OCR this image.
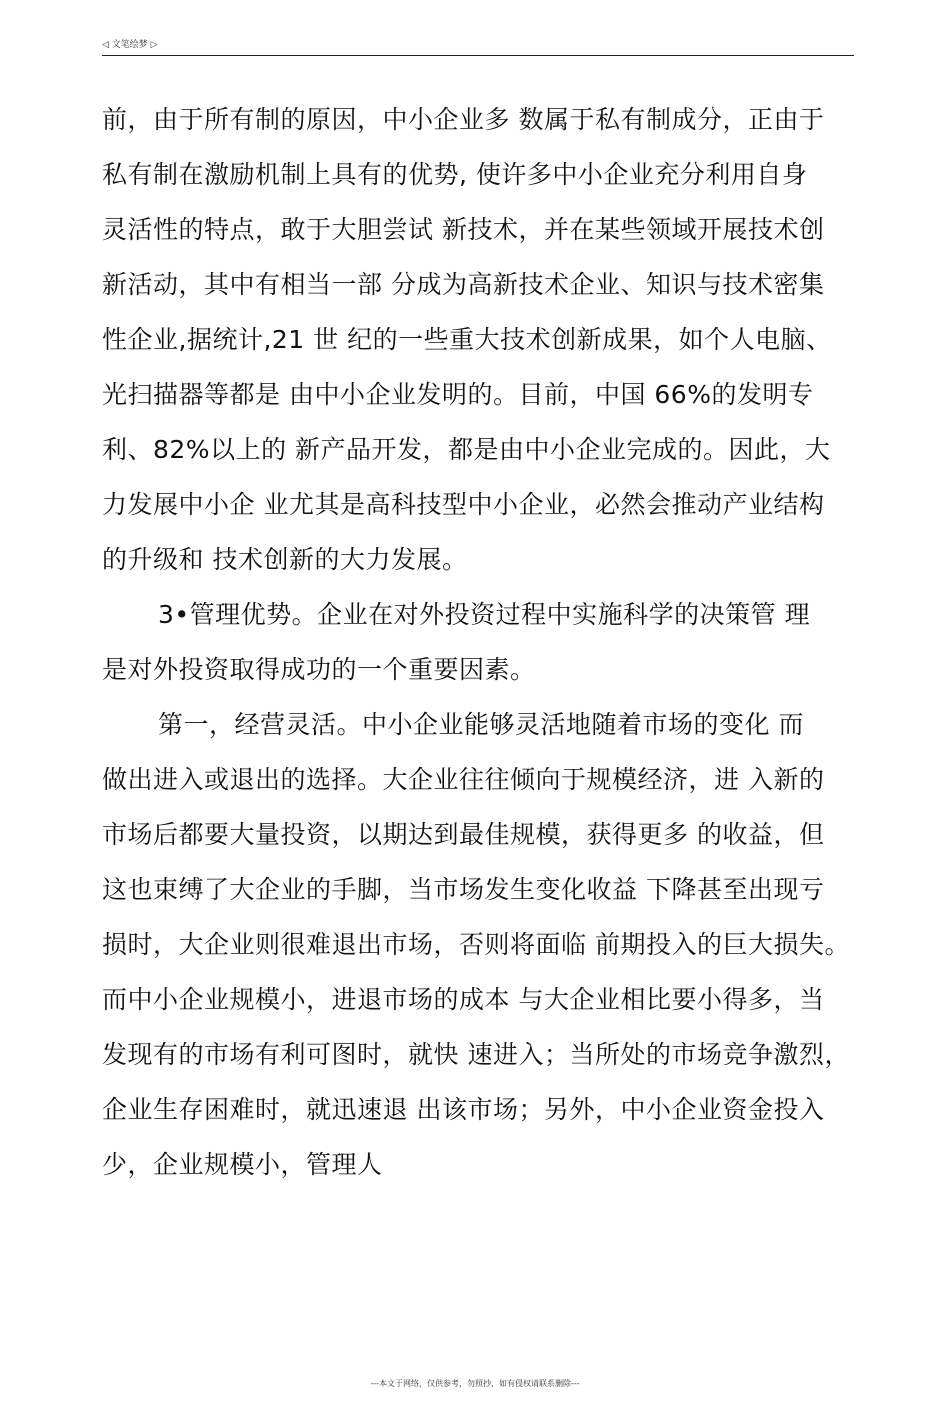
◁ 文笔绘梦 ▷
前，由于所有制的原因，中小企业多 数属于私有制成分，正由于
私有制在激励机制上具有的优势, 使许多中小企业充分利用自身
灵活性的特点，敢于大胆尝试 新技术，并在某些领域开展技术创
新活动，其中有相当一部 分成为高新技术企业、知识与技术密集
性企业,据统计,21 世 纪的一些重大技术创新成果，如个人电脑、
光扫描器等都是 由中小企业发明的。目前，中国 66%的发明专
利、82%以上的 新产品开发，都是由中小企业完成的。因此，大
力发展中小企 业尤其是高科技型中小企业，必然会推动产业结构
的升级和 技术创新的大力发展。
3•管理优势。企业在对外投资过程中实施科学的决策管 理
是对外投资取得成功的一个重要因素。
第一，经营灵活。中小企业能够灵活地随着市场的变化 而
做出进入或退出的选择。大企业往往倾向于规模经济，进 入新的
市场后都要大量投资，以期达到最佳规模，获得更多 的收益，但
这也束缚了大企业的手脚，当市场发生变化收益 下降甚至出现亏
损时，大企业则很难退出市场，否则将面临 前期投入的巨大损失。
而中小企业规模小，进退市场的成本 与大企业相比要小得多，当
发现有的市场有利可图时，就快 速进入；当所处的市场竞争激烈，
企业生存困难时，就迅速退 出该市场；另外，中小企业资金投入
少，企业规模小，管理人
---本文于网络，仅供参考，勿照抄，如有侵权请联系删除---
